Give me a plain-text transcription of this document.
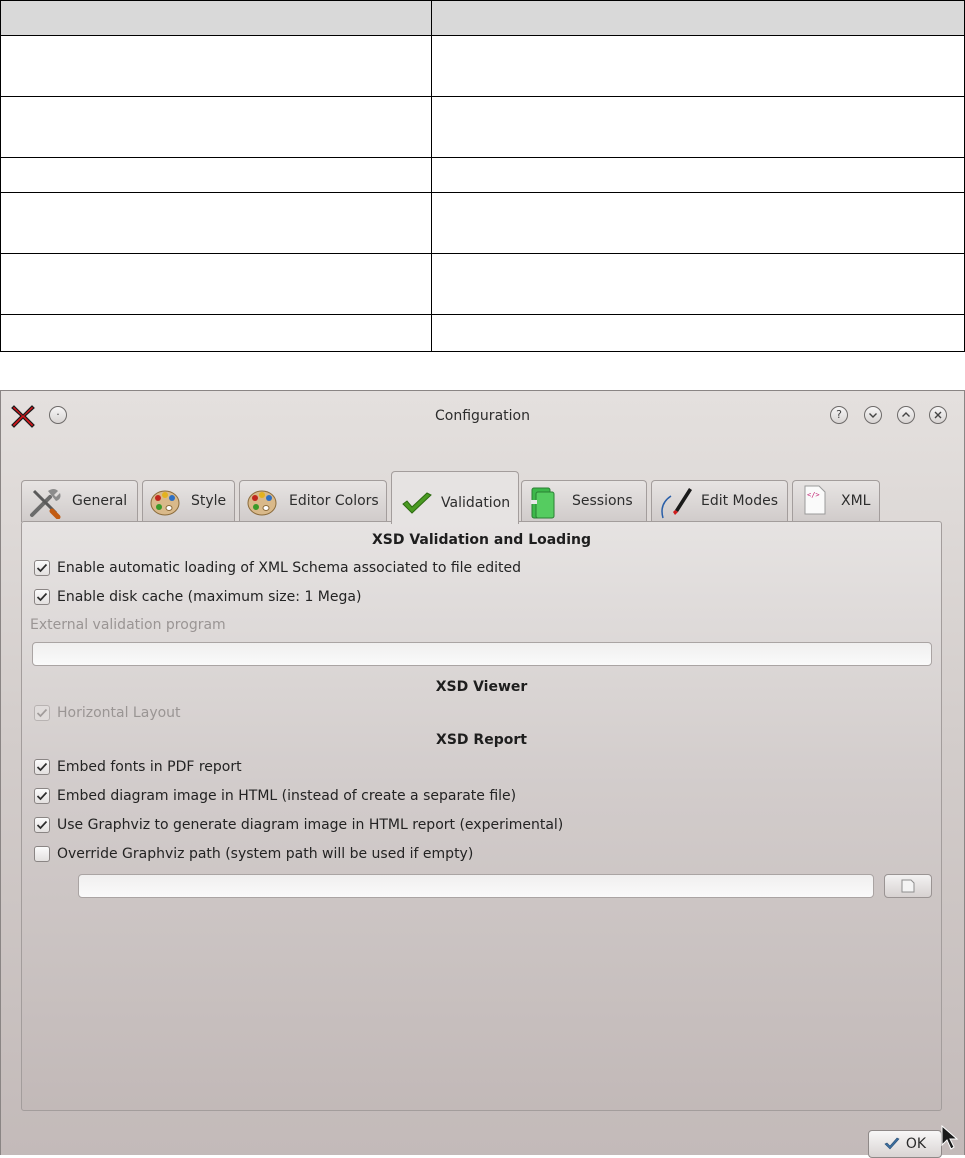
·	Configuration	?
General	Style	Editor Colors	Validation	Sessions	Edit Modes	</> XML
XSD Validation and Loading
Enable automatic loading of XML Schema associated to file edited
Enable disk cache (maximum size: 1 Mega)
External validation program
XSD Viewer
Horizontal Layout
XSD Report
Embed fonts in PDF report
Embed diagram image in HTML (instead of create a separate file)
Use Graphviz to generate diagram image in HTML report (experimental)
Override Graphviz path (system path will be used if empty)
OK
